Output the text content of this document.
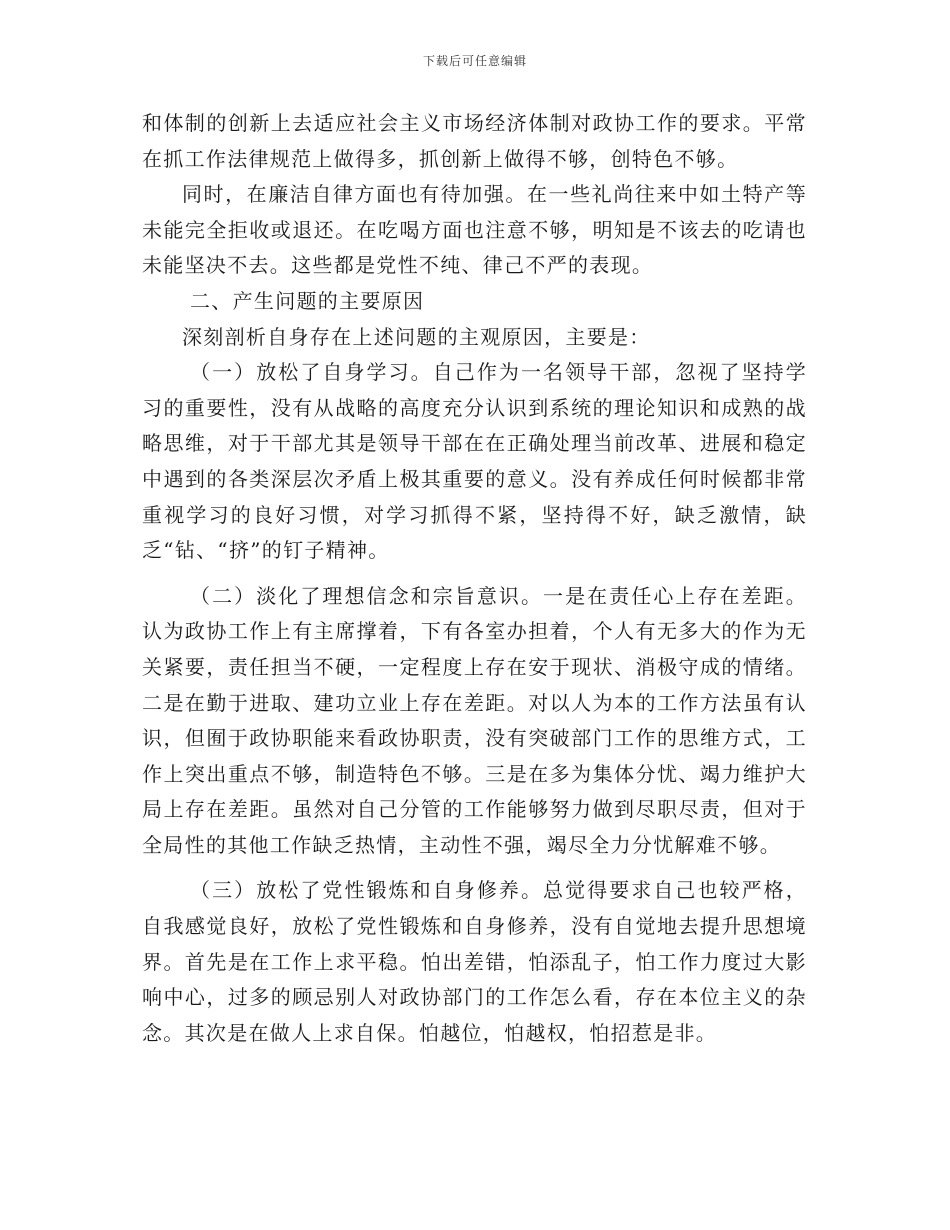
下载后可任意编辑

和体制的创新上去适应社会主义市场经济体制对政协工作的要求。平常在抓工作法律规范上做得多，抓创新上做得不够，创特色不够。

同时，在廉洁自律方面也有待加强。在一些礼尚往来中如土特产等未能完全拒收或退还。在吃喝方面也注意不够，明知是不该去的吃请也未能坚决不去。这些都是党性不纯、律己不严的表现。

二、产生问题的主要原因

深刻剖析自身存在上述问题的主观原因，主要是：

（一）放松了自身学习。自己作为一名领导干部，忽视了坚持学习的重要性，没有从战略的高度充分认识到系统的理论知识和成熟的战略思维，对于干部尤其是领导干部在在正确处理当前改革、进展和稳定中遇到的各类深层次矛盾上极其重要的意义。没有养成任何时候都非常重视学习的良好习惯，对学习抓得不紧，坚持得不好，缺乏激情，缺乏“钻、“挤”的钉子精神。

（二）淡化了理想信念和宗旨意识。一是在责任心上存在差距。认为政协工作上有主席撑着，下有各室办担着，个人有无多大的作为无关紧要，责任担当不硬，一定程度上存在安于现状、消极守成的情绪。二是在勤于进取、建功立业上存在差距。对以人为本的工作方法虽有认识，但囿于政协职能来看政协职责，没有突破部门工作的思维方式，工作上突出重点不够，制造特色不够。三是在多为集体分忧、竭力维护大局上存在差距。虽然对自己分管的工作能够努力做到尽职尽责，但对于全局性的其他工作缺乏热情，主动性不强，竭尽全力分忧解难不够。

（三）放松了党性锻炼和自身修养。总觉得要求自己也较严格，自我感觉良好，放松了党性锻炼和自身修养，没有自觉地去提升思想境界。首先是在工作上求平稳。怕出差错，怕添乱子，怕工作力度过大影响中心，过多的顾忌别人对政协部门的工作怎么看，存在本位主义的杂念。其次是在做人上求自保。怕越位，怕越权，怕招惹是非。
